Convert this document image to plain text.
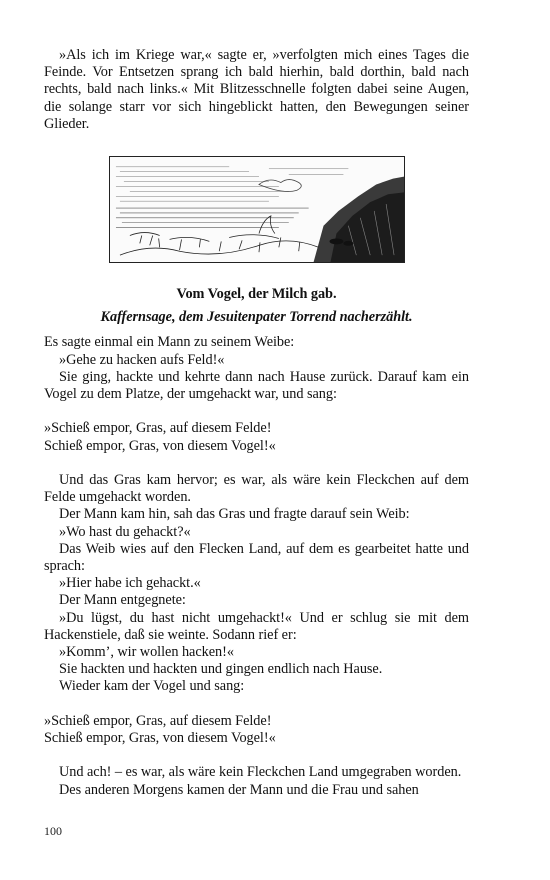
»Als ich im Kriege war,« sagte er, »verfolgten mich eines Tages die Feinde. Vor Entsetzen sprang ich bald hierhin, bald dorthin, bald nach rechts, bald nach links.« Mit Blitzesschnelle folgten dabei seine Augen, die solange starr vor sich hingeblickt hatten, den Bewegungen seiner Glieder.

Vom Vogel, der Milch gab.

Kaffernsage, dem Jesuitenpater Torrend nacherzählt.

Es sagte einmal ein Mann zu seinem Weibe:

»Gehe zu hacken aufs Feld!«

Sie ging, hackte und kehrte dann nach Hause zurück. Darauf kam ein Vogel zu dem Platze, der umgehackt war, und sang:

»Schieß empor, Gras, auf diesem Felde!

Schieß empor, Gras, von diesem Vogel!«

Und das Gras kam hervor; es war, als wäre kein Fleckchen auf dem Felde umgehackt worden.

Der Mann kam hin, sah das Gras und fragte darauf sein Weib:

»Wo hast du gehackt?«

Das Weib wies auf den Flecken Land, auf dem es gearbeitet hatte und sprach:

»Hier habe ich gehackt.«

Der Mann entgegnete:

»Du lügst, du hast nicht umgehackt!« Und er schlug sie mit dem Hackenstiele, daß sie weinte. Sodann rief er:

»Komm’, wir wollen hacken!«

Sie hackten und hackten und gingen endlich nach Hause.

Wieder kam der Vogel und sang:

»Schieß empor, Gras, auf diesem Felde!

Schieß empor, Gras, von diesem Vogel!«

Und ach! – es war, als wäre kein Fleckchen Land umgegraben worden.

Des anderen Morgens kamen der Mann und die Frau und sahen

100
